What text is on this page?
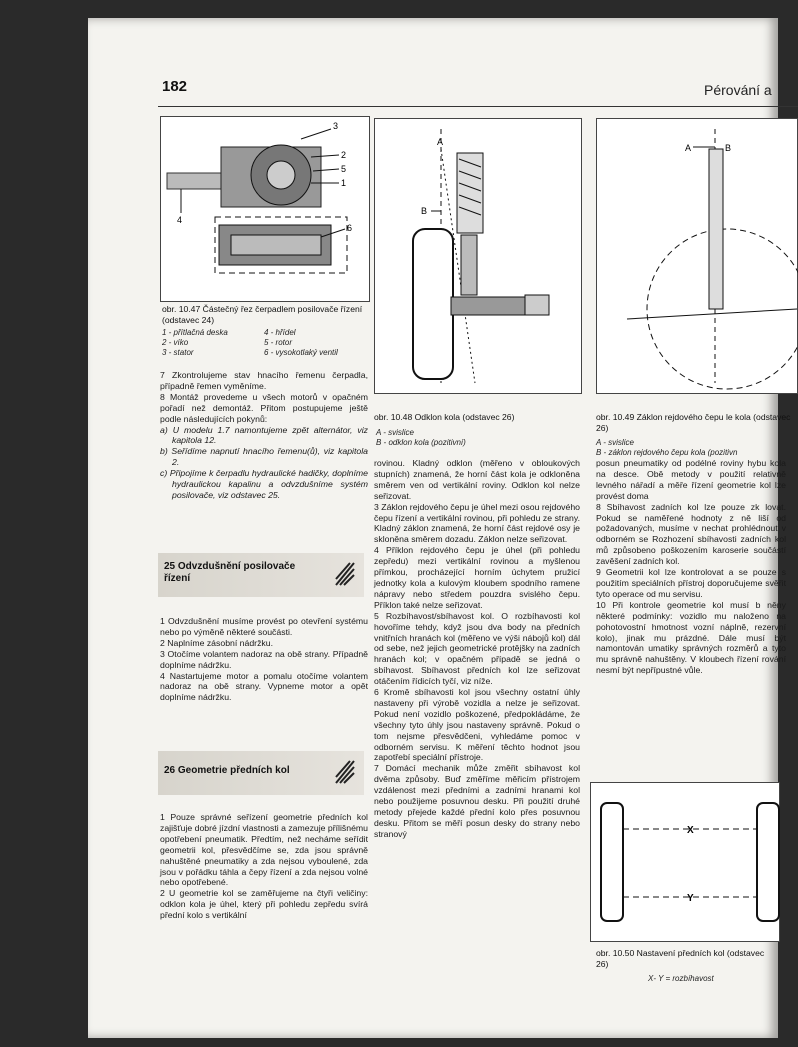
182	Pérování a
3
2
5
1
4
6
obr. 10.47 Částečný řez čerpadlem posilovače řízení (odstavec 24)
1 - přítlačná deska
2 - víko
3 - stator
4 - hřídel
5 - rotor
6 - vysokotlaký ventil
A
B
obr. 10.48 Odklon kola (odstavec 26)
A - svislice
B - odklon kola (pozitivní)
A	B
obr. 10.49 Záklon rejdového čepu le kola (odstavec 26)
A - svislice
B - záklon rejdového čepu kola (pozitivn

7 Zkontrolujeme stav hnacího řemenu čerpadla, případně řemen vyměníme.

8 Montáž provedeme u všech motorů v opačném pořadí než demontáž. Přitom postupujeme ještě podle následujících pokynů:

a) U modelu 1.7 namontujeme zpět alternátor, viz kapitola 12.
b) Seřídíme napnutí hnacího řemenu(ů), viz kapitola 2.
c) Připojíme k čerpadlu hydraulické hadičky, doplníme hydraulickou kapalinu a odvzdušníme systém posilovače, viz odstavec 25.
25 Odvzdušnění posilovače řízení

1 Odvzdušnění musíme provést po otevření systému nebo po výměně některé součásti.

2 Naplníme zásobní nádržku.

3 Otočíme volantem nadoraz na obě strany. Případně doplníme nádržku.

4 Nastartujeme motor a pomalu otočíme volantem nadoraz na obě strany. Vypneme motor a opět doplníme nádržku.

26 Geometrie předních kol

1 Pouze správné seřízení geometrie předních kol zajišťuje dobré jízdní vlastnosti a zamezuje přílišnému opotřebení pneumatik. Předtím, než necháme seřídit geometrii kol, přesvědčíme se, zda jsou správně nahuštěné pneumatiky a zda nejsou vyboulené, zda jsou v pořádku táhla a čepy řízení a zda nejsou volné nebo opotřebené.

2 U geometrie kol se zaměřujeme na čtyři veličiny: odklon kola je úhel, který při pohledu zepředu svírá přední kolo s vertikální

rovinou. Kladný odklon (měřeno v obloukových stupních) znamená, že horní část kola je odkloněna směrem ven od vertikální roviny. Odklon kol nelze seřizovat.

3 Záklon rejdového čepu je úhel mezi osou rejdového čepu řízení a vertikální rovinou, při pohledu ze strany. Kladný záklon znamená, že horní část rejdové osy je skloněna směrem dozadu. Záklon nelze seřizovat.

4 Příklon rejdového čepu je úhel (při pohledu zepředu) mezi vertikální rovinou a myšlenou přímkou, procházející horním úchytem pružicí jednotky kola a kulovým kloubem spodního ramene nápravy nebo středem pouzdra svislého čepu. Příklon také nelze seřizovat.

5 Rozbíhavost/sbíhavost kol. O rozbíhavosti kol hovoříme tehdy, když jsou dva body na předních vnitřních hranách kol (měřeno ve výši nábojů kol) dál od sebe, než jejich geometrické protějšky na zadních hranách kol; v opačném případě se jedná o sbíhavost. Sbíhavost předních kol lze seřizovat otáčením řídicích tyčí, viz níže.

6 Kromě sbíhavosti kol jsou všechny ostatní úhly nastaveny při výrobě vozidla a nelze je seřizovat. Pokud není vozidlo poškozené, předpokládáme, že všechny tyto úhly jsou nastaveny správně. Pokud o tom nejsme přesvědčeni, vyhledáme pomoc v odborném servisu. K měření těchto hodnot jsou zapotřebí speciální přístroje.

7 Domácí mechanik může změřit sbíhavost kol dvěma způsoby. Buď změříme měřicím přístrojem vzdálenost mezi předními a zadními hranami kol nebo použijeme posuvnou desku. Při použití druhé metody přejede každé přední kolo přes posuvnou desku. Přitom se měří posun desky do strany nebo stranový

posun pneumatiky od podélné roviny hybu kola na desce. Obě metody v použití relativně levného nářadí a měře řízení geometrie kol lze provést doma

8 Sbíhavost zadních kol lze pouze zk lovat. Pokud se naměřené hodnoty z ně liší od požadovaných, musíme v nechat prohlédnout v odborném se Rozhození sbíhavosti zadních kol mů způsobeno poškozením karoserie součástí zavěšení zadních kol.

9 Geometrii kol lze kontrolovat a se pouze s použitím speciálních přístroj doporučujeme svěřit tyto operace od mu servisu.

10 Při kontrole geometrie kol musí b něny některé podmínky: vozidlo mu naloženo na pohotovostní hmotnost vozní náplně, rezervní kolo), jinak mu prázdné. Dále musí být namontován umatiky správných rozměrů a tyto mu správně nahuštěny. V kloubech řízení rování nesmí být nepřípustné vůle.

X
Y
obr. 10.50 Nastavení předních kol (odstavec 26)
X- Y = rozbíhavost
